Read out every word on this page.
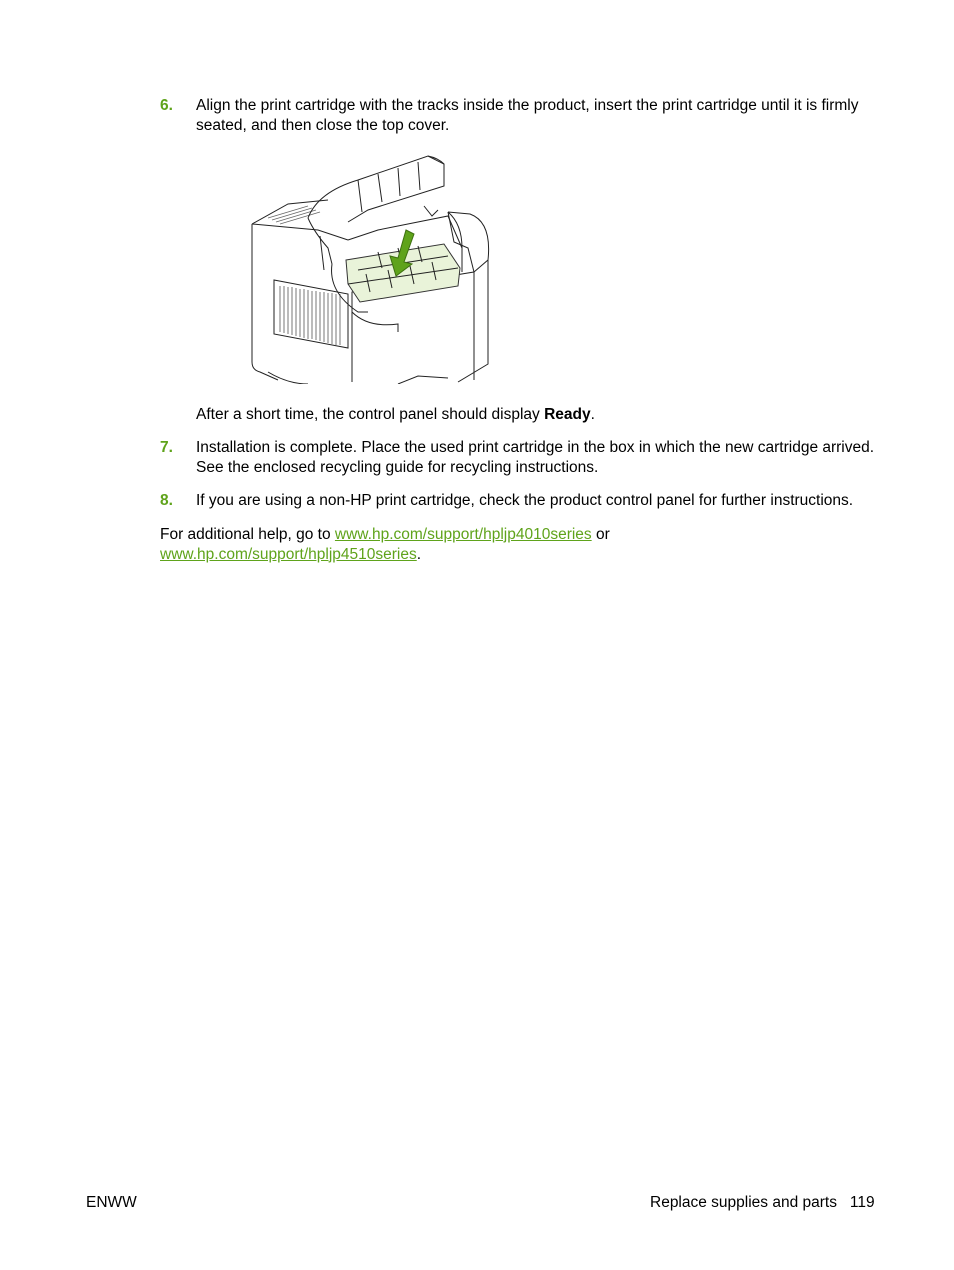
6. Align the print cartridge with the tracks inside the product, insert the print cartridge until it is firmly seated, and then close the top cover.
After a short time, the control panel should display Ready.
7. Installation is complete. Place the used print cartridge in the box in which the new cartridge arrived. See the enclosed recycling guide for recycling instructions.
8. If you are using a non-HP print cartridge, check the product control panel for further instructions.
For additional help, go to www.hp.com/support/hpljp4010series or www.hp.com/support/hpljp4510series.
ENWW	Replace supplies and parts 119
